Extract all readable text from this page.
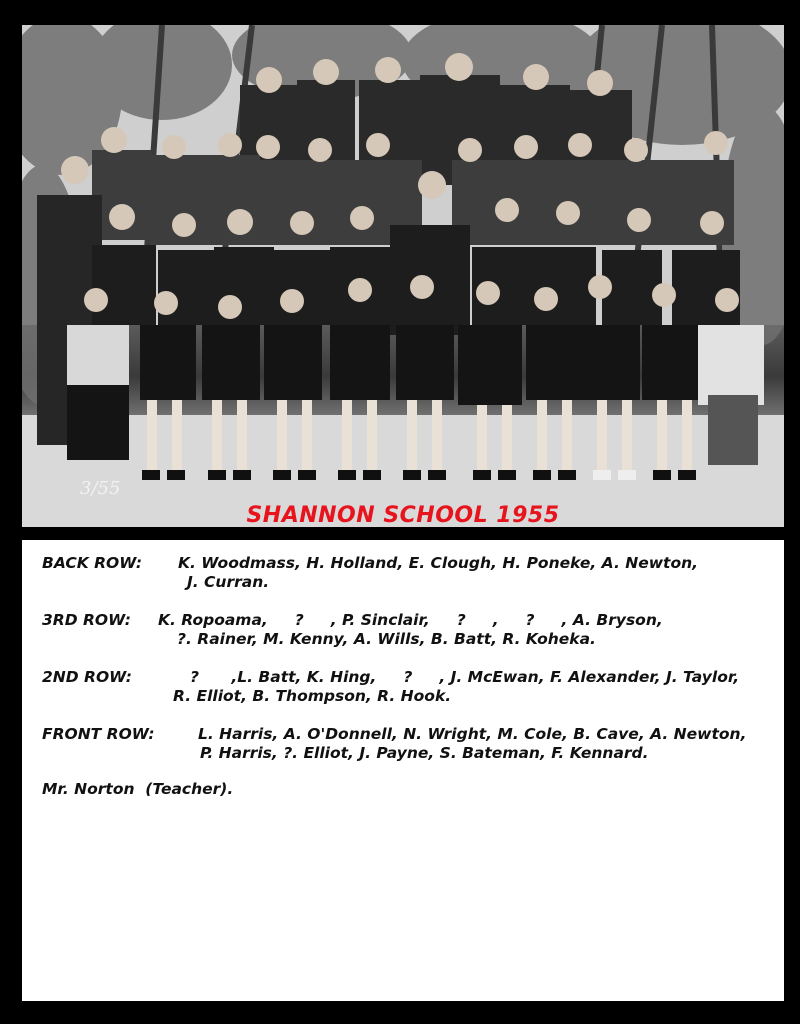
3/55
SHANNON SCHOOL 1955
BACK ROW: K. Woodmass, H. Holland, E. Clough, H. Poneke, A. Newton,
J. Curran.
3RD ROW: K. Ropoama,     ?     , P. Sinclair,     ?     ,     ?     , A. Bryson,
?. Rainer, M. Kenny, A. Wills, B. Batt, R. Koheka.
2ND ROW:	?      ,L. Batt, K. Hing,     ?     , J. McEwan, F. Alexander, J. Taylor,
R. Elliot, B. Thompson, R. Hook.
FRONT ROW:	L. Harris, A. O'Donnell, N. Wright, M. Cole, B. Cave, A. Newton,
P. Harris, ?. Elliot, J. Payne, S. Bateman, F. Kennard.
Mr. Norton  (Teacher).
